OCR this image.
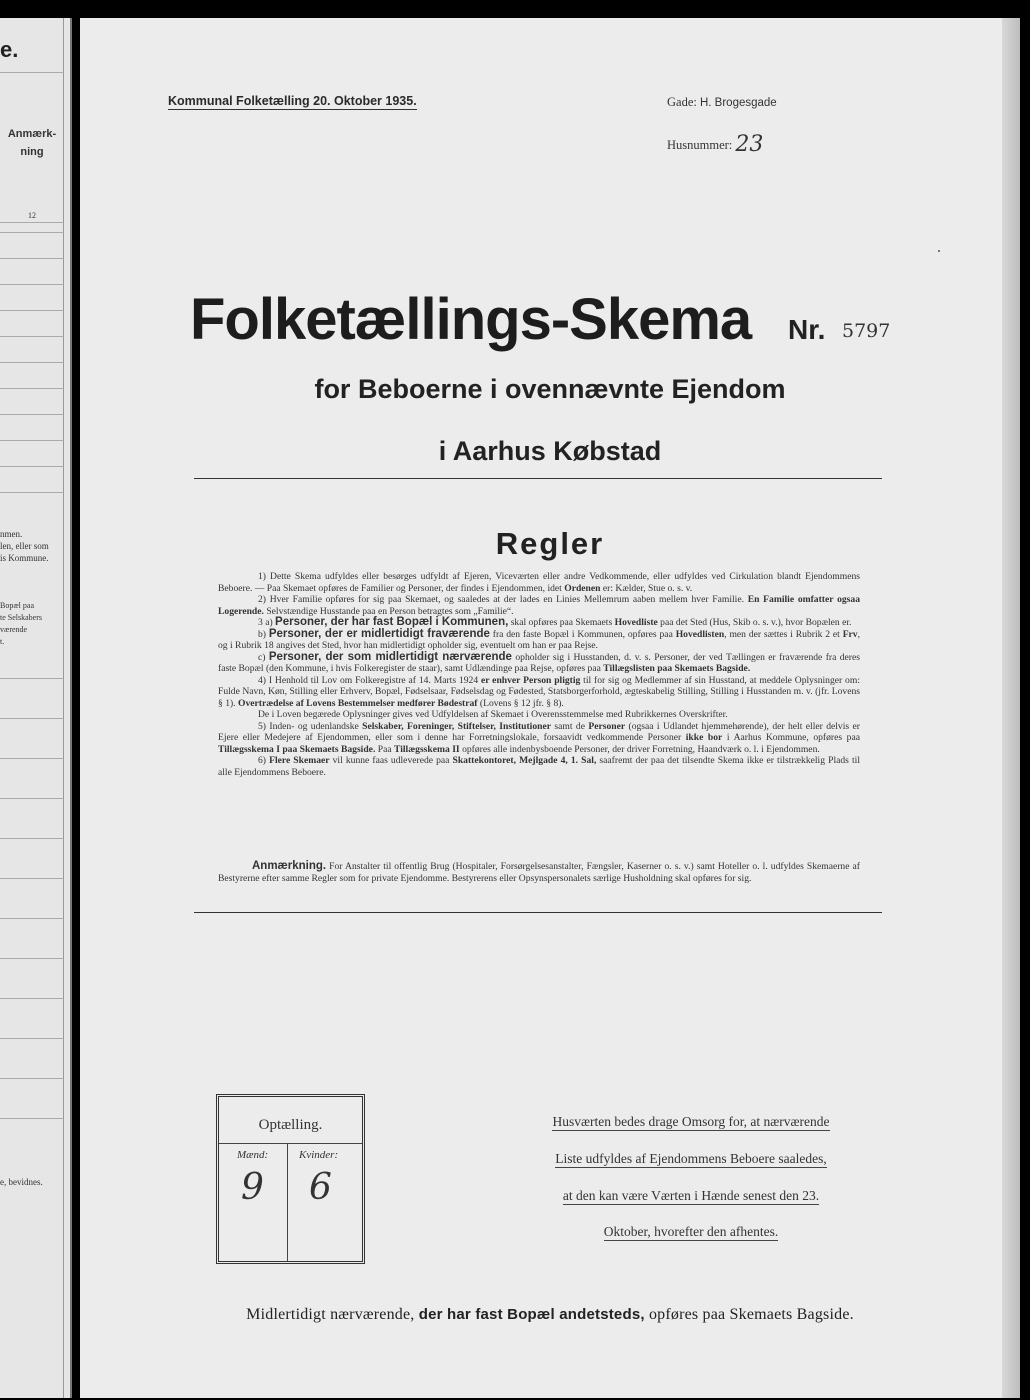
e.
Anmærk-
ning
12
nmen.
len, eller som
is Kommune.
Bopæl paa
te Selskabers
værende
t.
e, bevidnes.
Kommunal Folketælling 20. Oktober 1935.	Gade: H. Brogesgade
Husnummer: 23
Folketællings-Skema Nr. 5797
for Beboerne i ovennævnte Ejendom
i Aarhus Købstad
Regler

1) Dette Skema udfyldes eller besørges udfyldt af Ejeren, Viceværten eller andre Vedkommende, eller udfyldes ved Cirkulation blandt Ejendommens Beboere. — Paa Skemaet opføres de Familier og Personer, der findes i Ejendommen, idet Ordenen er: Kælder, Stue o. s. v.

2) Hver Familie opføres for sig paa Skemaet, og saaledes at der lades en Linies Mellemrum aaben mellem hver Familie. En Familie omfatter ogsaa Logerende. Selvstændige Husstande paa en Person betragtes som „Familie“.

3 a) Personer, der har fast Bopæl i Kommunen, skal opføres paa Skemaets Hovedliste paa det Sted (Hus, Skib o. s. v.), hvor Bopælen er.

b) Personer, der er midlertidigt fraværende fra den faste Bopæl i Kommunen, opføres paa Hovedlisten, men der sættes i Rubrik 2 et Frv, og i Rubrik 18 angives det Sted, hvor han midlertidigt opholder sig, eventuelt om han er paa Rejse.

c) Personer, der som midlertidigt nærværende opholder sig i Husstanden, d. v. s. Personer, der ved Tællingen er fraværende fra deres faste Bopæl (den Kommune, i hvis Folkeregister de staar), samt Udlændinge paa Rejse, opføres paa Tillægslisten paa Skemaets Bagside.

4) I Henhold til Lov om Folkeregistre af 14. Marts 1924 er enhver Person pligtig til for sig og Medlemmer af sin Husstand, at meddele Oplysninger om: Fulde Navn, Køn, Stilling eller Erhverv, Bopæl, Fødselsaar, Fødselsdag og Fødested, Statsborgerforhold, ægteskabelig Stilling, Stilling i Husstanden m. v. (jfr. Lovens § 1). Overtrædelse af Lovens Bestemmelser medfører Bødestraf (Lovens § 12 jfr. § 8).

De i Loven begærede Oplysninger gives ved Udfyldelsen af Skemaet i Overensstemmelse med Rubrikkernes Overskrifter.

5) Inden- og udenlandske Selskaber, Foreninger, Stiftelser, Institutioner samt de Personer (ogsaa i Udlandet hjemmehørende), der helt eller delvis er Ejere eller Medejere af Ejendommen, eller som i denne har Forretningslokale, forsaavidt vedkommende Personer ikke bor i Aarhus Kommune, opføres paa Tillægsskema I paa Skemaets Bagside. Paa Tillægsskema II opføres alle indenbysboende Personer, der driver Forretning, Haandværk o. l. i Ejendommen.

6) Flere Skemaer vil kunne faas udleverede paa Skattekontoret, Mejlgade 4, 1. Sal, saafremt der paa det tilsendte Skema ikke er tilstrækkelig Plads til alle Ejendommens Beboere.

Anmærkning. For Anstalter til offentlig Brug (Hospitaler, Forsørgelsesanstalter, Fængsler, Kaserner o. s. v.) samt Hoteller o. l. udfyldes Skemaerne af Bestyrerne efter samme Regler som for private Ejendomme. Bestyrerens eller Opsynspersonalets særlige Husholdning skal opføres for sig.

Optælling.
Mænd:	Kvinder:
9 6
Husværten bedes drage Omsorg for, at nærværende
Liste udfyldes af Ejendommens Beboere saaledes,
at den kan være Værten i Hænde senest den 23.
Oktober, hvorefter den afhentes.
Midlertidigt nærværende, der har fast Bopæl andetsteds, opføres paa Skemaets Bagside.
